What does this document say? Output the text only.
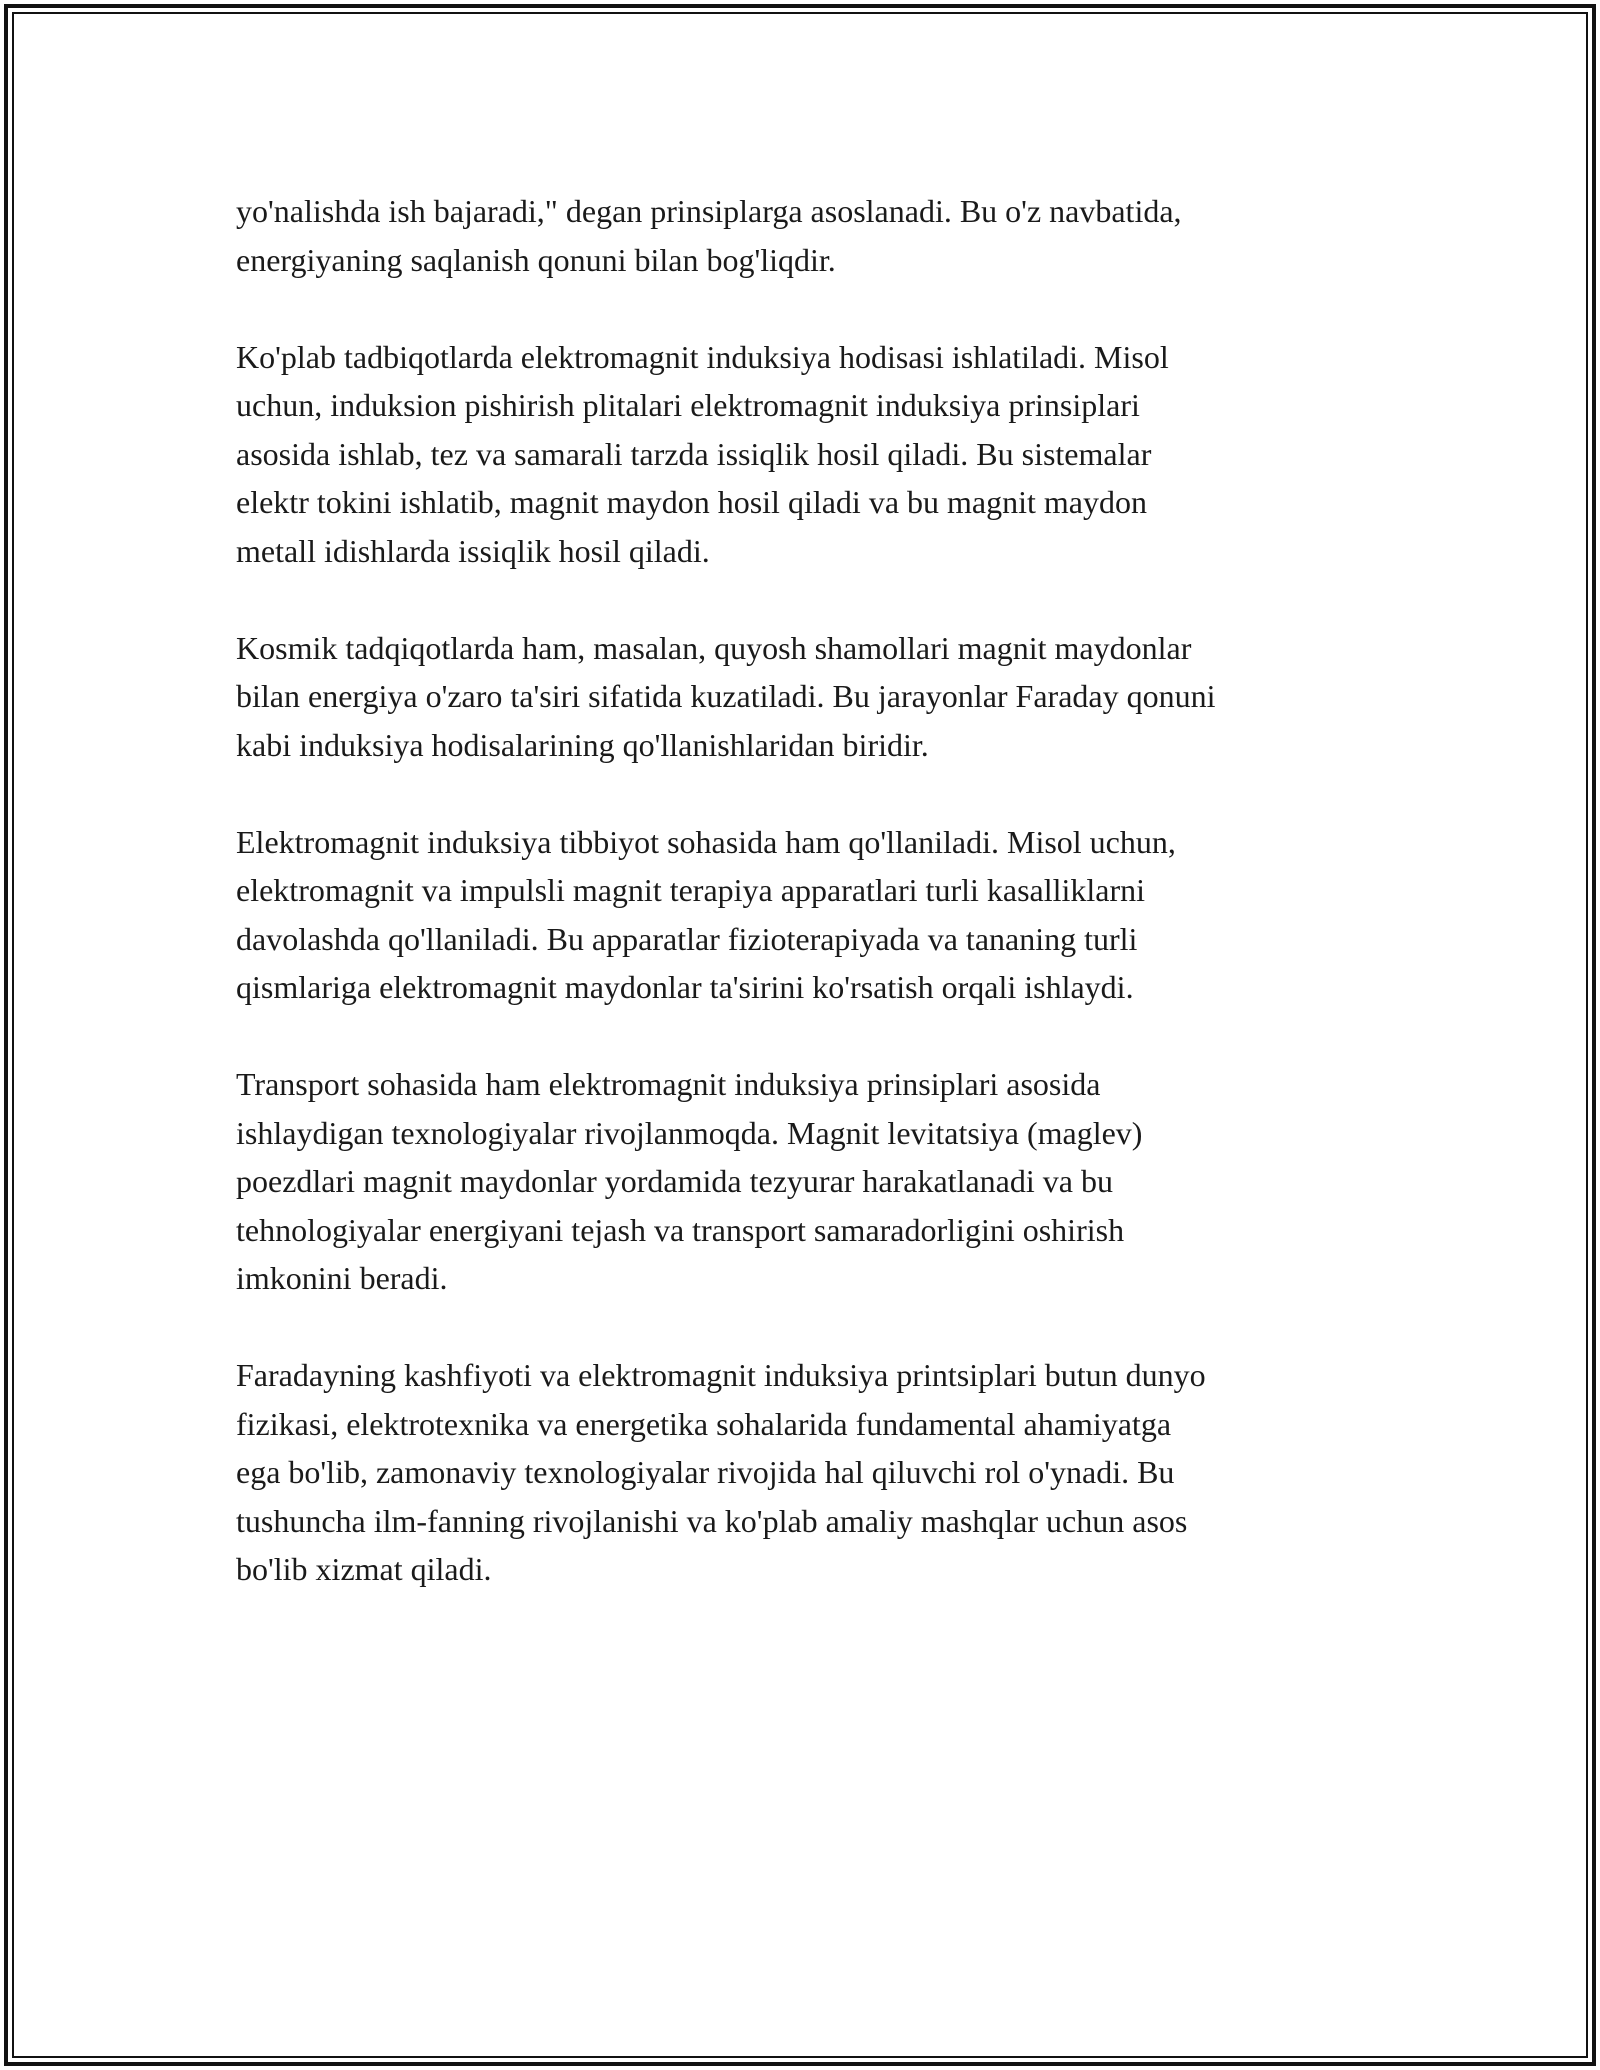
yo'nalishda ish bajaradi," degan prinsiplarga asoslanadi. Bu o'z navbatida,
energiyaning saqlanish qonuni bilan bog'liqdir.

Ko'plab tadbiqotlarda elektromagnit induksiya hodisasi ishlatiladi. Misol
uchun, induksion pishirish plitalari elektromagnit induksiya prinsiplari
asosida ishlab, tez va samarali tarzda issiqlik hosil qiladi. Bu sistemalar
elektr tokini ishlatib, magnit maydon hosil qiladi va bu magnit maydon
metall idishlarda issiqlik hosil qiladi.

Kosmik tadqiqotlarda ham, masalan, quyosh shamollari magnit maydonlar
bilan energiya o'zaro ta'siri sifatida kuzatiladi. Bu jarayonlar Faraday qonuni
kabi induksiya hodisalarining qo'llanishlaridan biridir.

Elektromagnit induksiya tibbiyot sohasida ham qo'llaniladi. Misol uchun,
elektromagnit va impulsli magnit terapiya apparatlari turli kasalliklarni
davolashda qo'llaniladi. Bu apparatlar fizioterapiyada va tananing turli
qismlariga elektromagnit maydonlar ta'sirini ko'rsatish orqali ishlaydi.

Transport sohasida ham elektromagnit induksiya prinsiplari asosida
ishlaydigan texnologiyalar rivojlanmoqda. Magnit levitatsiya (maglev)
poezdlari magnit maydonlar yordamida tezyurar harakatlanadi va bu
tehnologiyalar energiyani tejash va transport samaradorligini oshirish
imkonini beradi.

Faradayning kashfiyoti va elektromagnit induksiya printsiplari butun dunyo
fizikasi, elektrotexnika va energetika sohalarida fundamental ahamiyatga
ega bo'lib, zamonaviy texnologiyalar rivojida hal qiluvchi rol o'ynadi. Bu
tushuncha ilm-fanning rivojlanishi va ko'plab amaliy mashqlar uchun asos
bo'lib xizmat qiladi.
